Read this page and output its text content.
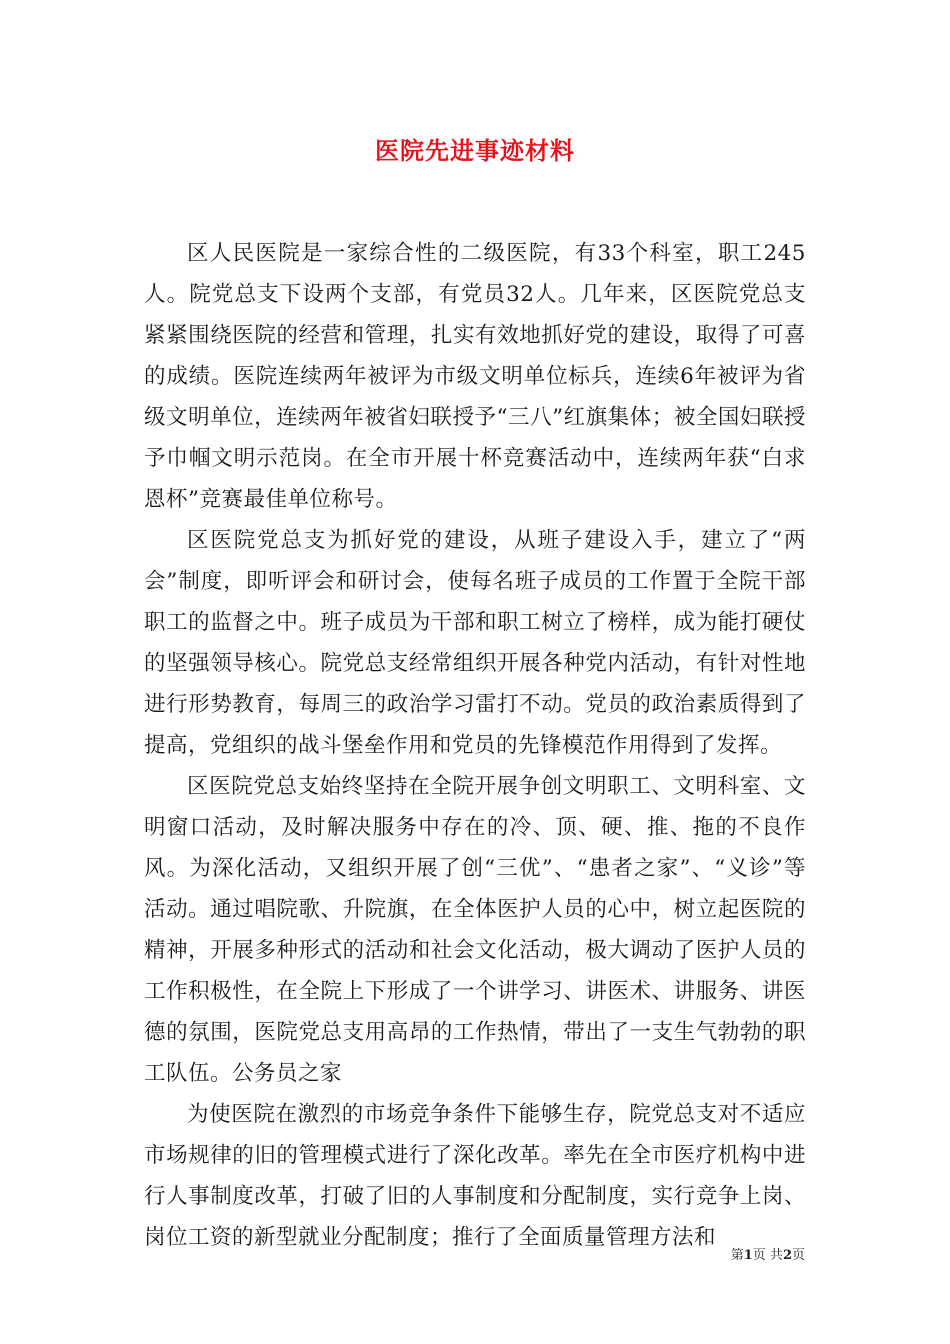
医院先进事迹材料

区人民医院是一家综合性的二级医院，有33个科室，职工245人。院党总支下设两个支部，有党员32人。几年来，区医院党总支紧紧围绕医院的经营和管理，扎实有效地抓好党的建设，取得了可喜的成绩。医院连续两年被评为市级文明单位标兵，连续6年被评为省级文明单位，连续两年被省妇联授予“三八”红旗集体；被全国妇联授予巾帼文明示范岗。在全市开展十杯竞赛活动中，连续两年获“白求恩杯”竞赛最佳单位称号。

区医院党总支为抓好党的建设，从班子建设入手，建立了“两会”制度，即听评会和研讨会，使每名班子成员的工作置于全院干部职工的监督之中。班子成员为干部和职工树立了榜样，成为能打硬仗的坚强领导核心。院党总支经常组织开展各种党内活动，有针对性地进行形势教育，每周三的政治学习雷打不动。党员的政治素质得到了提高，党组织的战斗堡垒作用和党员的先锋模范作用得到了发挥。

区医院党总支始终坚持在全院开展争创文明职工、文明科室、文明窗口活动，及时解决服务中存在的冷、顶、硬、推、拖的不良作风。为深化活动，又组织开展了创“三优”、“患者之家”、“义诊”等活动。通过唱院歌、升院旗，在全体医护人员的心中，树立起医院的精神，开展多种形式的活动和社会文化活动，极大调动了医护人员的工作积极性，在全院上下形成了一个讲学习、讲医术、讲服务、讲医德的氛围，医院党总支用高昂的工作热情，带出了一支生气勃勃的职工队伍。公务员之家

为使医院在激烈的市场竞争条件下能够生存，院党总支对不适应市场规律的旧的管理模式进行了深化改革。率先在全市医疗机构中进行人事制度改革，打破了旧的人事制度和分配制度，实行竞争上岗、岗位工资的新型就业分配制度；推行了全面质量管理方法和

第1页 共2页
